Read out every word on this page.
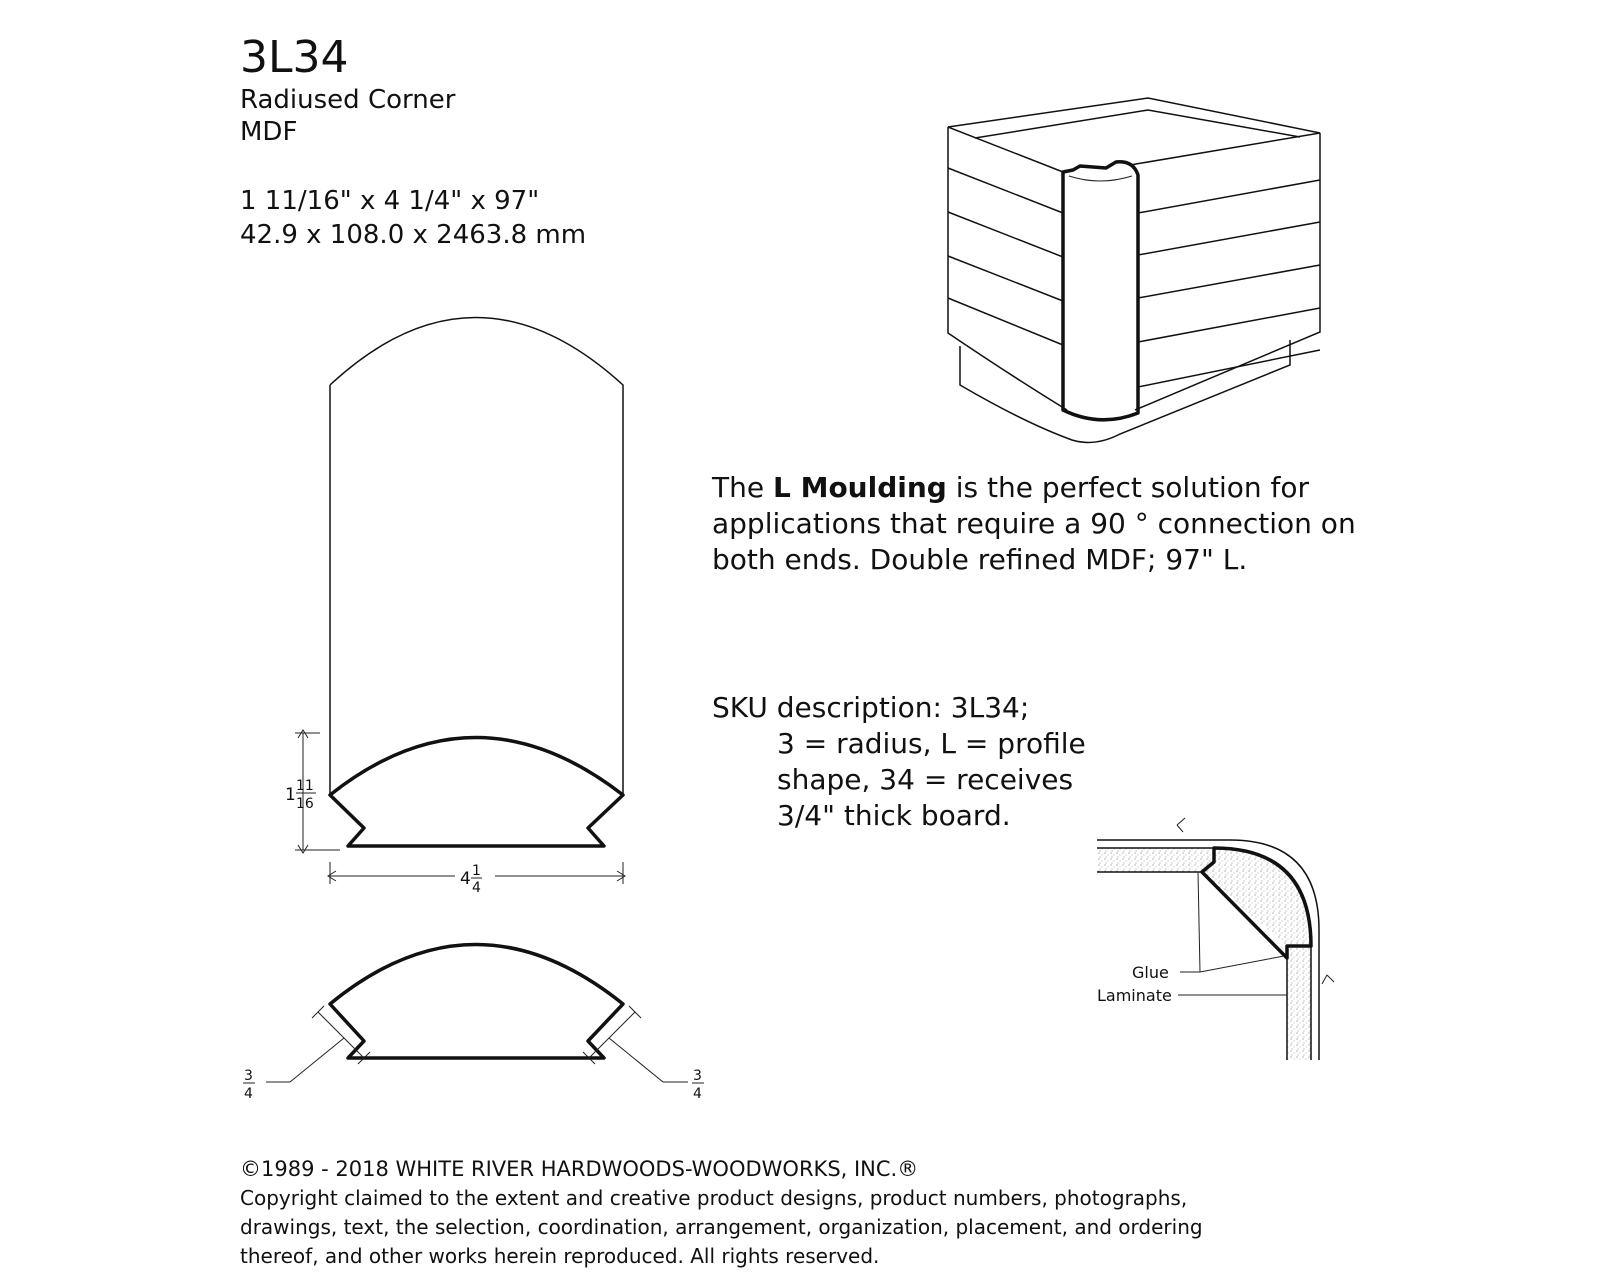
3L34
Radiused Corner
MDF
1 11/16" x 4 1/4" x 97"
42.9 x 108.0 x 2463.8 mm
1 11
16
4 1
4
3
4
3
4
Glue
Laminate
The L Moulding is the perfect solution for
applications that require a 90 ° connection on
both ends. Double refined MDF; 97" L.
SKU description: 3L34;
3 = radius, L = profile
shape, 34 = receives
3/4" thick board.
©1989 - 2018 WHITE RIVER HARDWOODS-WOODWORKS, INC.®
Copyright claimed to the extent and creative product designs, product numbers, photographs,
drawings, text, the selection, coordination, arrangement, organization, placement, and ordering
thereof, and other works herein reproduced. All rights reserved.
